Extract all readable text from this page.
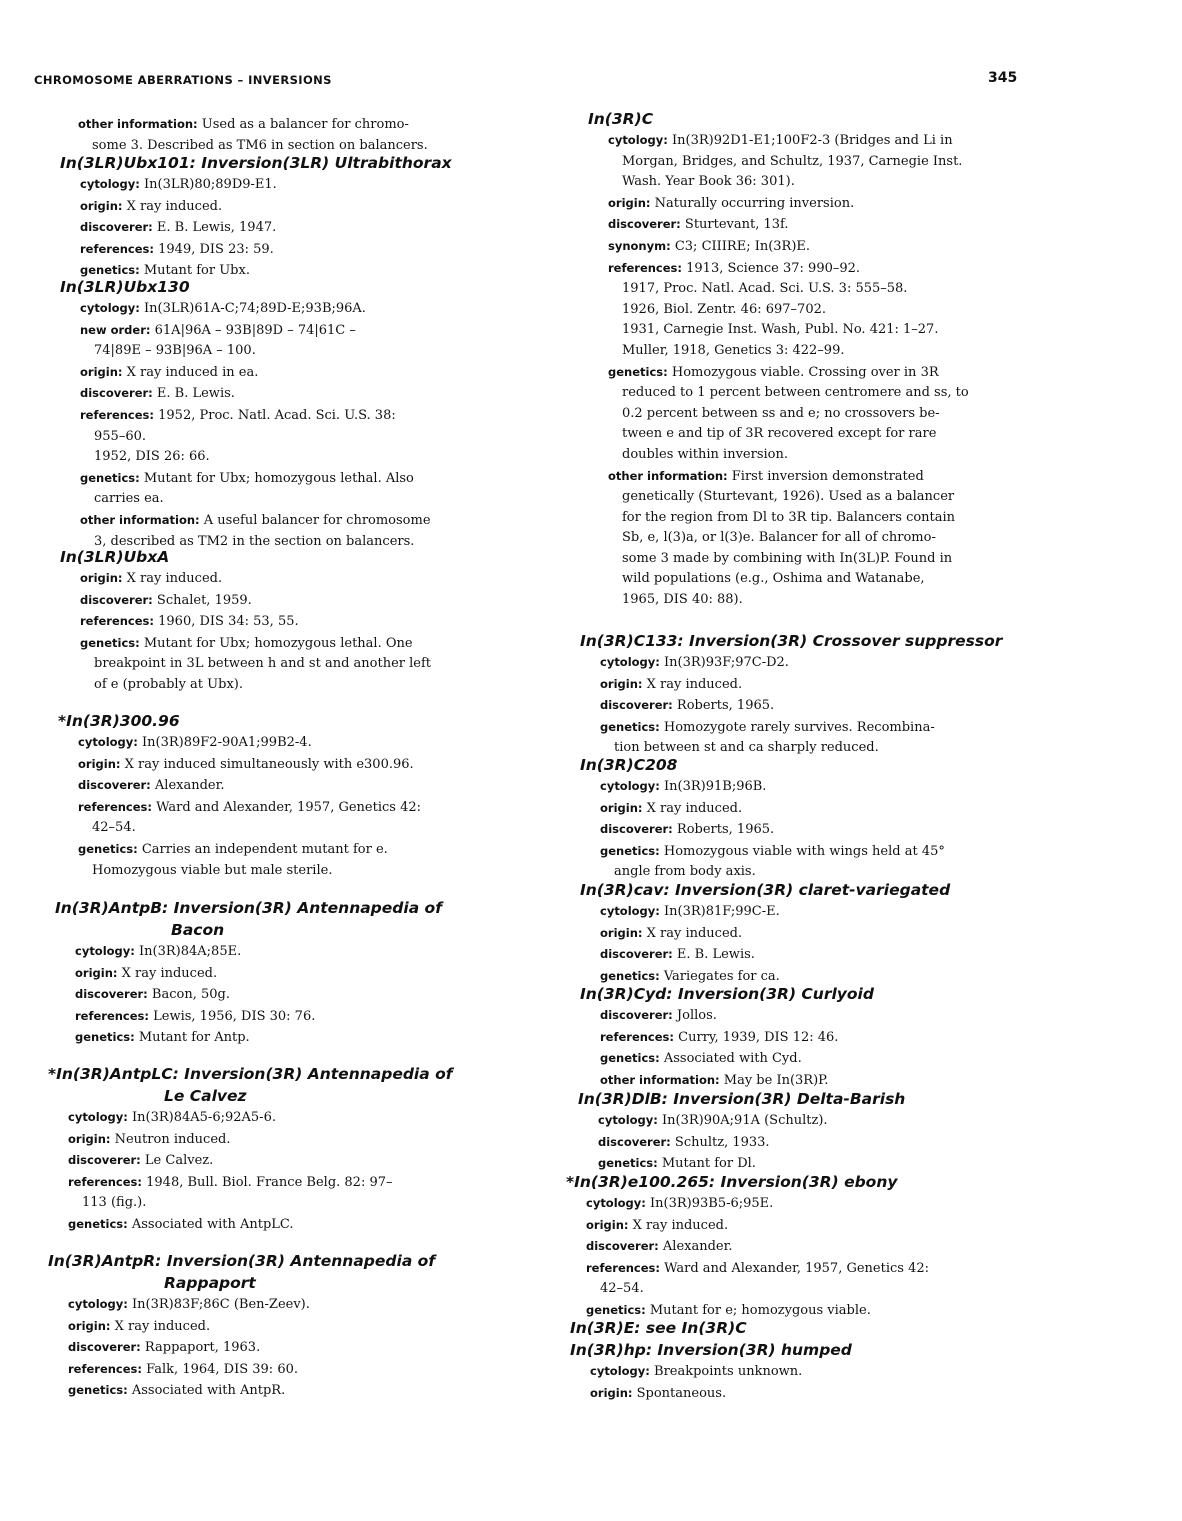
CHROMOSOME ABERRATIONS – INVERSIONS	345
other information: Used as a balancer for chromo-
some 3. Described as TM6 in section on balancers.
In(3LR)Ubx101: Inversion(3LR) Ultrabithorax
cytology: In(3LR)80;89D9-E1.
origin: X ray induced.
discoverer: E. B. Lewis, 1947.
references: 1949, DIS 23: 59.
genetics: Mutant for Ubx.
In(3LR)Ubx130
cytology: In(3LR)61A-C;74;89D-E;93B;96A.
new order: 61A|96A – 93B|89D – 74|61C –
74|89E – 93B|96A – 100.
origin: X ray induced in ea.
discoverer: E. B. Lewis.
references: 1952, Proc. Natl. Acad. Sci. U.S. 38:
955–60.
1952, DIS 26: 66.
genetics: Mutant for Ubx; homozygous lethal. Also
carries ea.
other information: A useful balancer for chromosome
3, described as TM2 in the section on balancers.
In(3LR)UbxA
origin: X ray induced.
discoverer: Schalet, 1959.
references: 1960, DIS 34: 53, 55.
genetics: Mutant for Ubx; homozygous lethal. One
breakpoint in 3L between h and st and another left
of e (probably at Ubx).
*In(3R)300.96
cytology: In(3R)89F2-90A1;99B2-4.
origin: X ray induced simultaneously with e300.96.
discoverer: Alexander.
references: Ward and Alexander, 1957, Genetics 42:
42–54.
genetics: Carries an independent mutant for e.
Homozygous viable but male sterile.
In(3R)AntpB: Inversion(3R) Antennapedia of
Bacon
cytology: In(3R)84A;85E.
origin: X ray induced.
discoverer: Bacon, 50g.
references: Lewis, 1956, DIS 30: 76.
genetics: Mutant for Antp.
*In(3R)AntpLC: Inversion(3R) Antennapedia of
Le Calvez
cytology: In(3R)84A5-6;92A5-6.
origin: Neutron induced.
discoverer: Le Calvez.
references: 1948, Bull. Biol. France Belg. 82: 97–
113 (fig.).
genetics: Associated with AntpLC.
In(3R)AntpR: Inversion(3R) Antennapedia of
Rappaport
cytology: In(3R)83F;86C (Ben-Zeev).
origin: X ray induced.
discoverer: Rappaport, 1963.
references: Falk, 1964, DIS 39: 60.
genetics: Associated with AntpR.
In(3R)C
cytology: In(3R)92D1-E1;100F2-3 (Bridges and Li in
Morgan, Bridges, and Schultz, 1937, Carnegie Inst.
Wash. Year Book 36: 301).
origin: Naturally occurring inversion.
discoverer: Sturtevant, 13f.
synonym: C3; CIIIRE; In(3R)E.
references: 1913, Science 37: 990–92.
1917, Proc. Natl. Acad. Sci. U.S. 3: 555–58.
1926, Biol. Zentr. 46: 697–702.
1931, Carnegie Inst. Wash, Publ. No. 421: 1–27.
Muller, 1918, Genetics 3: 422–99.
genetics: Homozygous viable. Crossing over in 3R
reduced to 1 percent between centromere and ss, to
0.2 percent between ss and e; no crossovers be-
tween e and tip of 3R recovered except for rare
doubles within inversion.
other information: First inversion demonstrated
genetically (Sturtevant, 1926). Used as a balancer
for the region from Dl to 3R tip. Balancers contain
Sb, e, l(3)a, or l(3)e. Balancer for all of chromo-
some 3 made by combining with In(3L)P. Found in
wild populations (e.g., Oshima and Watanabe,
1965, DIS 40: 88).
In(3R)C133: Inversion(3R) Crossover suppressor
cytology: In(3R)93F;97C-D2.
origin: X ray induced.
discoverer: Roberts, 1965.
genetics: Homozygote rarely survives. Recombina-
tion between st and ca sharply reduced.
In(3R)C208
cytology: In(3R)91B;96B.
origin: X ray induced.
discoverer: Roberts, 1965.
genetics: Homozygous viable with wings held at 45°
angle from body axis.
In(3R)cav: Inversion(3R) claret-variegated
cytology: In(3R)81F;99C-E.
origin: X ray induced.
discoverer: E. B. Lewis.
genetics: Variegates for ca.
In(3R)Cyd: Inversion(3R) Curlyoid
discoverer: Jollos.
references: Curry, 1939, DIS 12: 46.
genetics: Associated with Cyd.
other information: May be In(3R)P.
In(3R)DlB: Inversion(3R) Delta-Barish
cytology: In(3R)90A;91A (Schultz).
discoverer: Schultz, 1933.
genetics: Mutant for Dl.
*In(3R)e100.265: Inversion(3R) ebony
cytology: In(3R)93B5-6;95E.
origin: X ray induced.
discoverer: Alexander.
references: Ward and Alexander, 1957, Genetics 42:
42–54.
genetics: Mutant for e; homozygous viable.
In(3R)E: see In(3R)C
In(3R)hp: Inversion(3R) humped
cytology: Breakpoints unknown.
origin: Spontaneous.
